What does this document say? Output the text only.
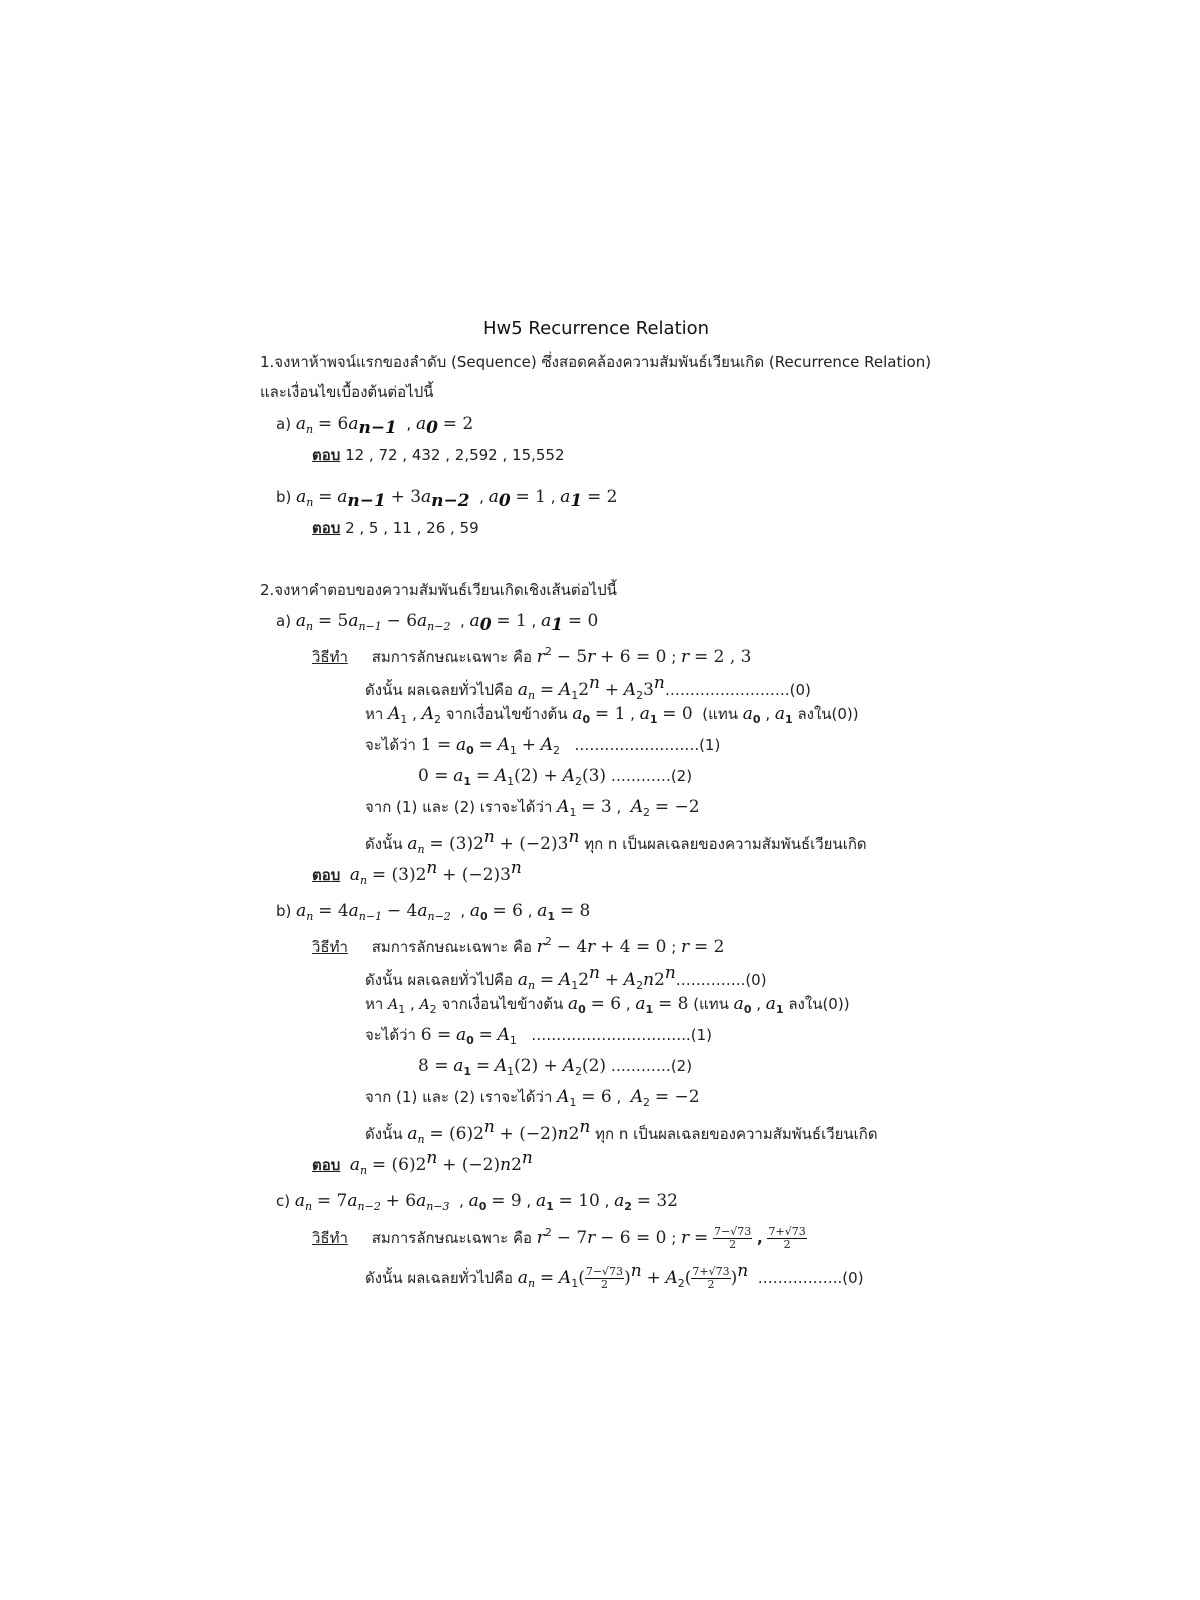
Hw5 Recurrence Relation
1.จงหาห้าพจน์แรกของลำดับ (Sequence) ซึ่งสอดคล้องความสัมพันธ์เวียนเกิด (Recurrence Relation)
และเงื่อนไขเบื้องต้นต่อไปนี้
a) $a_n = 6a_{n-1}$  , $a_0 = 2$
ตอบ 12 , 72 , 432 , 2,592 , 15,552
b) $a_n = a_{n-1} + 3a_{n-2}$  , $a_0 = 1$ , $a_1 = 2$
ตอบ 2 , 5 , 11 , 26 , 59
2.จงหาคำตอบของความสัมพันธ์เวียนเกิดเชิงเส้นต่อไปนี้
a) $a_n = 5a_{n-1} - 6a_{n-2}$  , $a_0 = 1$ , $a_1 = 0$
วิธีทำ สมการลักษณะเฉพาะ คือ $r^2 - 5r + 6 = 0$ ; r = 2 , 3
ดังนั้น ผลเฉลยทั่วไปคือ $a_n = A_12^n$ + $A_23^n\dots\dots\dots\dots\dots\dots\dots\dots.(0)$
หา $A_1$ , $A_2$ จากเงื่อนไขข้างต้น $a_0 = 1$ , $a_1 = 0$ (แทน $a_0$ , $a_1$ ลงใน(0))
จะได้ว่า $1 = a_0 = A_1 + A_2$ …………………….(1)
$0 = a_1 = A_1(2) + A_2(3)$ …………(2)
จาก (1) และ (2) เราจะได้ว่า $A_1 = 3$ ,  $A_2 = -2$
ดังนั้น $a_n = (3)2^n + (-2)3^n$ ทุก n เป็นผลเฉลยของความสัมพันธ์เวียนเกิด
ตอบ $a_n = (3)2^n + (-2)3^n$
b) $a_n = 4a_{n-1} - 4a_{n-2}$  , $a_0 = 6$ , $a_1 = 8$
วิธีทำ สมการลักษณะเฉพาะ คือ $r^2 - 4r + 4 = 0$ ; r = 2
ดังนั้น ผลเฉลยทั่วไปคือ $a_n = A_12^n$ + $A_2n2^n\dots\dots\dots\dots..(0)$
หา $A_1$ , $A_2$ จากเงื่อนไขข้างต้น $a_0 = 6$ , $a_1 = 8$ (แทน $a_0$ , $a_1$ ลงใน(0))
จะได้ว่า $6 = a_0 = A_1$ …………………………..(1)
$8 = a_1 = A_1(2) + A_2(2)$ …………(2)
จาก (1) และ (2) เราจะได้ว่า $A_1 = 6$ ,  $A_2 = -2$
ดังนั้น $a_n = (6)2^n + (-2)n2^n$ ทุก n เป็นผลเฉลยของความสัมพันธ์เวียนเกิด
ตอบ $a_n = (6)2^n + (-2)n2^n$
c) $a_n = 7a_{n-2} + 6a_{n-3}$  , $a_0 = 9$ , $a_1 = 10$ , $a_2 = 32$
วิธีทำ สมการลักษณะเฉพาะ คือ $r^2 - 7r - 6 = 0$ ; $r = \frac{7-√73}{2}$ , $\frac{7+√73}{2}$
ดังนั้น ผลเฉลยทั่วไปคือ $a_n = A_1( \frac{7-√73}{2} )^n + A_2( \frac{7+√73}{2} )^n$ ……………..(0)
